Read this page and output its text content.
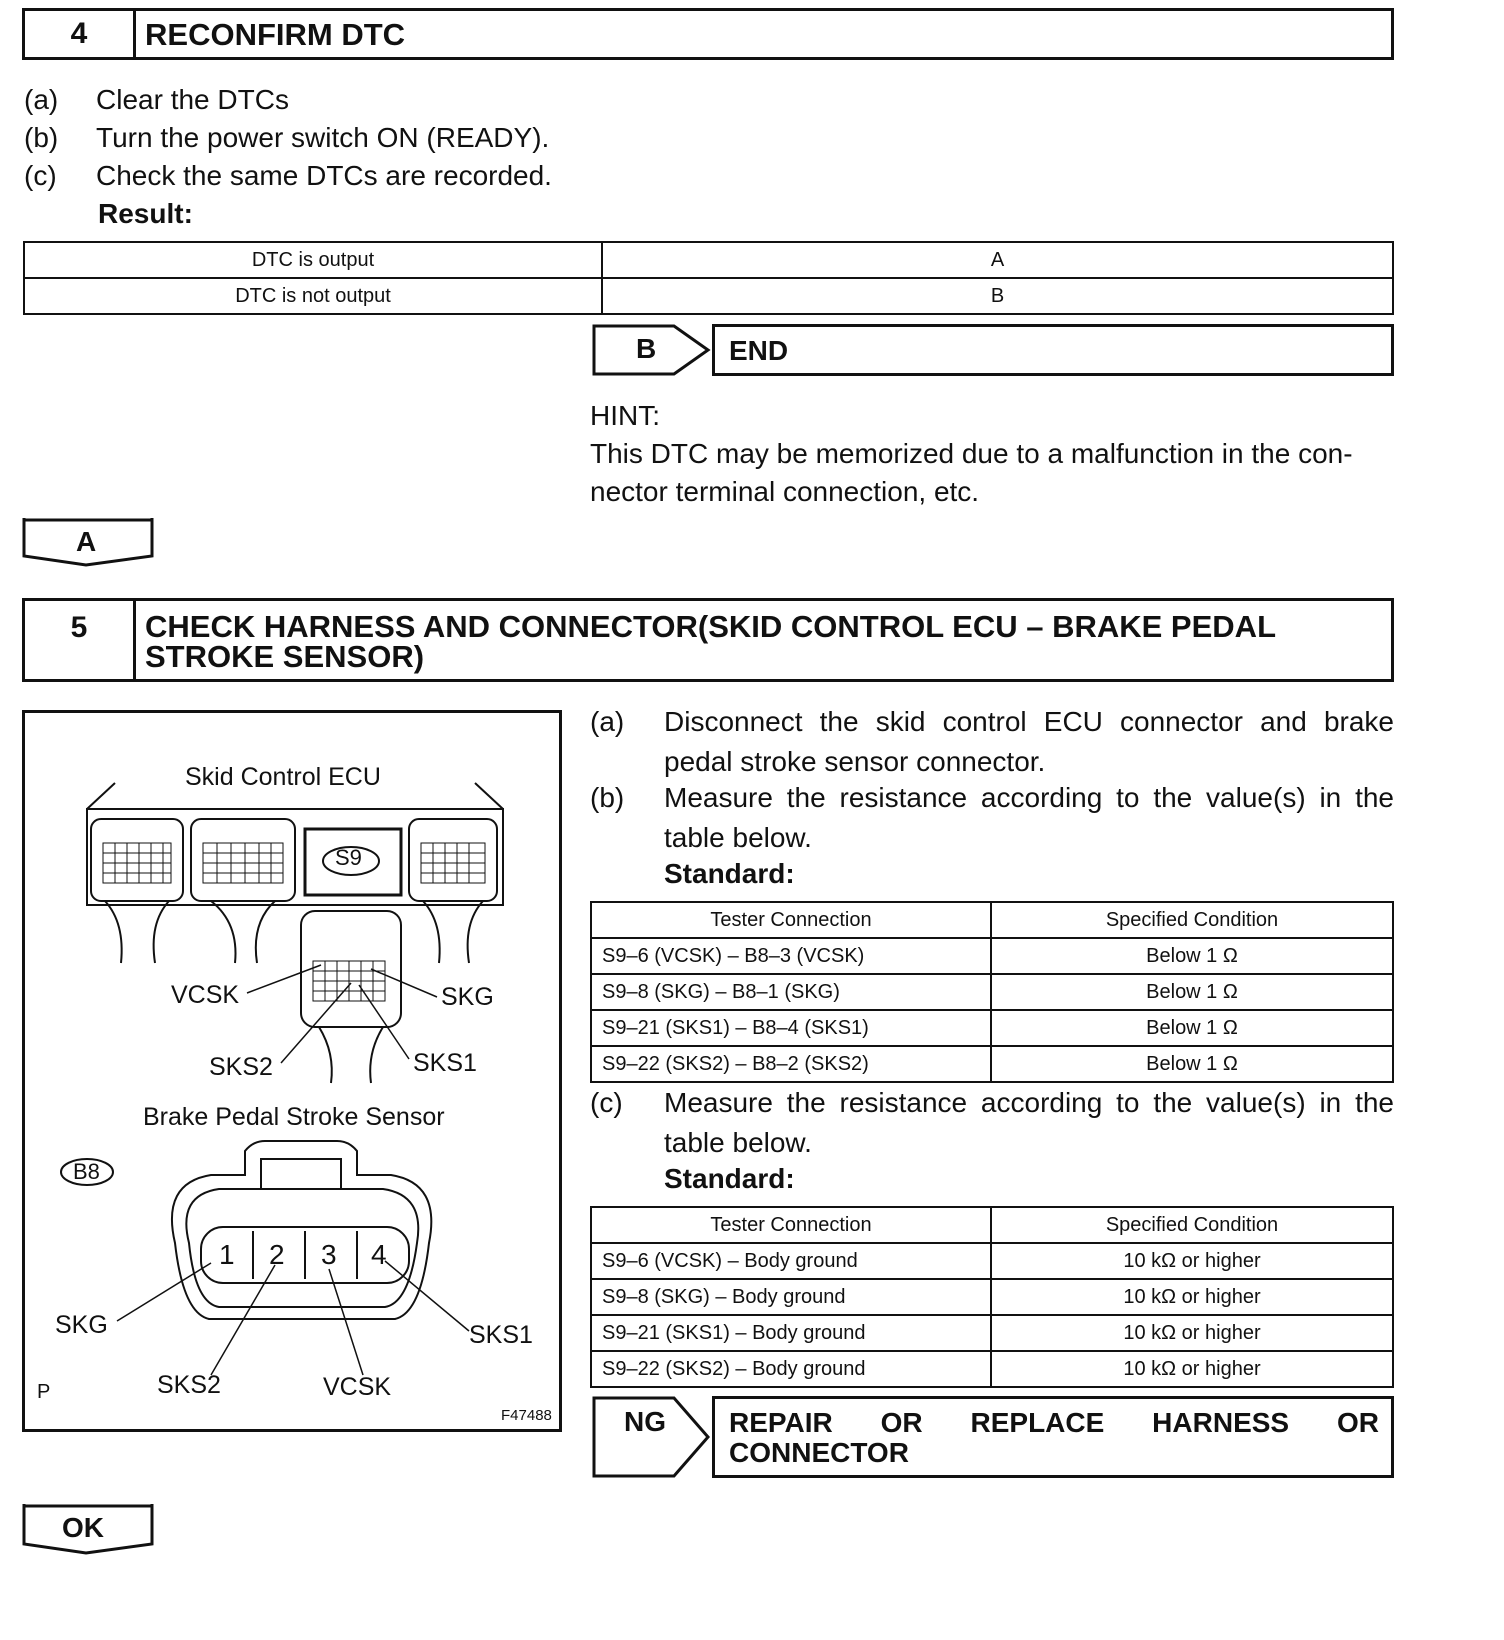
4	RECONFIRM DTC
(a) Clear the DTCs
(b) Turn the power switch ON (READY).
(c) Check the same DTCs are recorded.
Result:
DTC is output	A
DTC is not output	B
B	END
HINT:
This DTC may be memorized due to a malfunction in the con-
nector terminal connection, etc.
A
5	CHECK HARNESS AND CONNECTOR(SKID CONTROL ECU – BRAKE PEDAL
STROKE SENSOR)
Skid Control ECU
S9
VCSK	SKG
SKS2	SKS1
Brake Pedal Stroke Sensor
B8
1 2 3 4
SKG	SKS1
SKS2	VCSK
P
F47488
(a) Disconnect the skid control ECU connector and brake
pedal stroke sensor connector.
(b) Measure the resistance according to the value(s) in the
table below.
Standard:
Tester Connection	Specified Condition
S9–6 (VCSK) – B8–3 (VCSK)	Below 1 Ω
S9–8 (SKG) – B8–1 (SKG)	Below 1 Ω
S9–21 (SKS1) – B8–4 (SKS1)	Below 1 Ω
S9–22 (SKS2) – B8–2 (SKS2)	Below 1 Ω
(c) Measure the resistance according to the value(s) in the
table below.
Standard:
Tester Connection	Specified Condition
S9–6 (VCSK) – Body ground	10 kΩ or higher
S9–8 (SKG) – Body ground	10 kΩ or higher
S9–21 (SKS1) – Body ground	10 kΩ or higher
S9–22 (SKS2) – Body ground	10 kΩ or higher
NG REPAIR OR REPLACE HARNESS OR
CONNECTOR
OK
